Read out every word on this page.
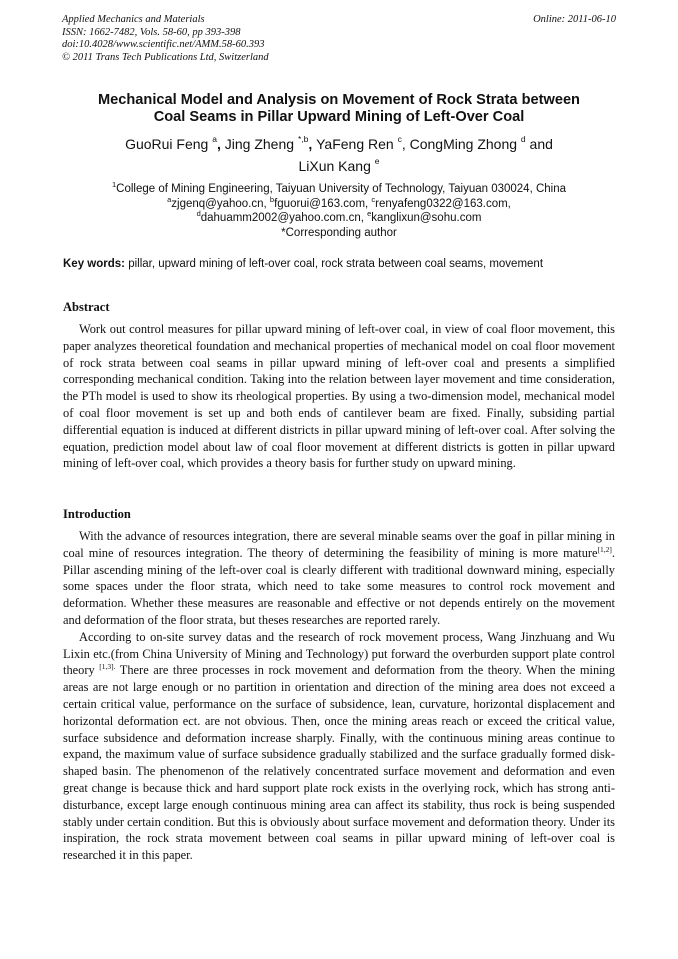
Applied Mechanics and Materials
ISSN: 1662-7482, Vols. 58-60, pp 393-398
doi:10.4028/www.scientific.net/AMM.58-60.393
© 2011 Trans Tech Publications Ltd, Switzerland
Online: 2011-06-10
Mechanical Model and Analysis on Movement of Rock Strata between
Coal Seams in Pillar Upward Mining of Left-Over Coal
GuoRui Feng $^a$, Jing Zheng $^{*,b}$, YaFeng Ren $^c$, CongMing Zhong $^d$ and
LiXun Kang $^e$
$^1$College of Mining Engineering, Taiyuan University of Technology, Taiyuan 030024, China
$^a$zjgenq@yahoo.cn, $^b$fguorui@163.com, $^c$renyafeng0322@163.com,
$^d$dahuamm2002@yahoo.com.cn, $^e$kanglixun@sohu.com
*Corresponding author
Key words: pillar, upward mining of left-over coal, rock strata between coal seams, movement
Abstract

Work out control measures for pillar upward mining of left-over coal, in view of coal floor movement, this paper analyzes theoretical foundation and mechanical properties of mechanical model on coal floor movement of rock strata between coal seams in pillar upward mining of left-over coal and presents a simplified corresponding mechanical condition. Taking into the relation between layer movement and time consideration, the PTh model is used to show its rheological properties. By using a two-dimension model, mechanical model of coal floor movement is set up and both ends of cantilever beam are fixed. Finally, subsiding partial differential equation is induced at different districts in pillar upward mining of left-over coal. After solving the equation, prediction model about law of coal floor movement at different districts is gotten in pillar upward mining of left-over coal, which provides a theory basis for further study on upward mining.

Introduction

With the advance of resources integration, there are several minable seams over the goaf in pillar mining in coal mine of resources integration. The theory of determining the feasibility of mining is more mature[1,2]. Pillar ascending mining of the left-over coal is clearly different with traditional downward mining, especially some spaces under the floor strata, which need to take some measures to control rock movement and deformation. Whether these measures are reasonable and effective or not depends entirely on the movement and deformation of the floor strata, but theses researches are reported rarely.

According to on-site survey datas and the research of rock movement process, Wang Jinzhuang and Wu Lixin etc.(from China University of Mining and Technology) put forward the overburden support plate control theory $^{[1,3].}$ There are three processes in rock movement and deformation from the theory. When the mining areas are not large enough or no partition in orientation and direction of the mining area does not exceed a certain critical value, performance on the surface of subsidence, lean, curvature, horizontal displacement and horizontal deformation ect. are not obvious. Then, once the mining areas reach or exceed the critical value, surface subsidence and deformation increase sharply. Finally, with the continuous mining areas continue to expand, the maximum value of surface subsidence gradually stabilized and the surface gradually formed disk-shaped basin. The phenomenon of the relatively concentrated surface movement and deformation and even great change is because thick and hard support plate rock exists in the overlying rock, which has strong anti-disturbance, except large enough continuous mining area can affect its stability, thus rock is being suspended stably under certain condition. But this is obviously about surface movement and deformation theory. Under its inspiration, the rock strata movement between coal seams in pillar upward mining of left-over coal is researched it in this paper.
